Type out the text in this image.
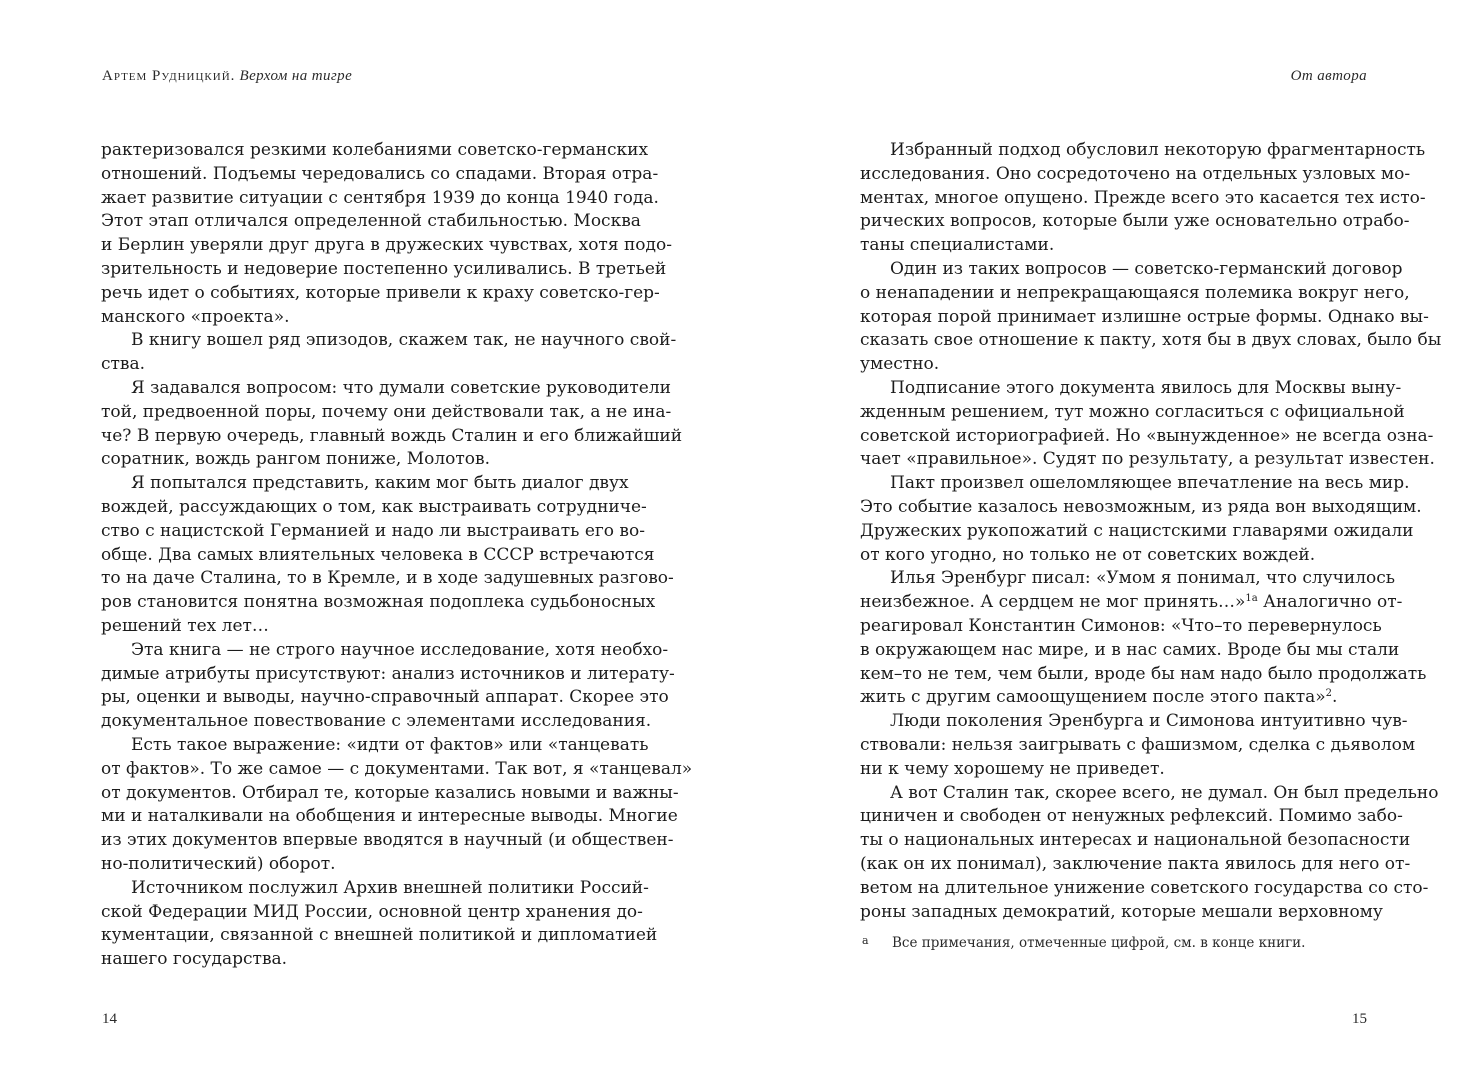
Артем Рудницкий. Верхом на тигре	От автора
рактеризовался резкими колебаниями советско-германских
отношений. Подъемы чередовались со спадами. Вторая отра-
жает развитие ситуации с сентября 1939 до конца 1940 года.
Этот этап отличался определенной стабильностью. Москва
и Берлин уверяли друг друга в дружеских чувствах, хотя подо-
зрительность и недоверие постепенно усиливались. В третьей
речь идет о событиях, которые привели к краху советско-гер-
манского «проекта».
В книгу вошел ряд эпизодов, скажем так, не научного свой-
ства.
Я задавался вопросом: что думали советские руководители
той, предвоенной поры, почему они действовали так, а не ина-
че? В первую очередь, главный вождь Сталин и его ближайший
соратник, вождь рангом пониже, Молотов.
Я попытался представить, каким мог быть диалог двух
вождей, рассуждающих о том, как выстраивать сотрудниче-
ство с нацистской Германией и надо ли выстраивать его во-
обще. Два самых влиятельных человека в СССР встречаются
то на даче Сталина, то в Кремле, и в ходе задушевных разгово-
ров становится понятна возможная подоплека судьбоносных
решений тех лет…
Эта книга — не строго научное исследование, хотя необхо-
димые атрибуты присутствуют: анализ источников и литерату-
ры, оценки и выводы, научно-справочный аппарат. Скорее это
документальное повествование с элементами исследования.
Есть такое выражение: «идти от фактов» или «танцевать
от фактов». То же самое — с документами. Так вот, я «танцевал»
от документов. Отбирал те, которые казались новыми и важны-
ми и наталкивали на обобщения и интересные выводы. Многие
из этих документов впервые вводятся в научный (и обществен-
но-политический) оборот.
Источником послужил Архив внешней политики Россий-
ской Федерации МИД России, основной центр хранения до-
кументации, связанной с внешней политикой и дипломатией
нашего государства.
Избранный подход обусловил некоторую фрагментарность
исследования. Оно сосредоточено на отдельных узловых мо-
ментах, многое опущено. Прежде всего это касается тех исто-
рических вопросов, которые были уже основательно отрабо-
таны специалистами.
Один из таких вопросов — советско-германский договор
о ненападении и непрекращающаяся полемика вокруг него,
которая порой принимает излишне острые формы. Однако вы-
сказать свое отношение к пакту, хотя бы в двух словах, было бы
уместно.
Подписание этого документа явилось для Москвы выну-
жденным решением, тут можно согласиться с официальной
советской историографией. Но «вынужденное» не всегда озна-
чает «правильное». Судят по результату, а результат известен.
Пакт произвел ошеломляющее впечатление на весь мир.
Это событие казалось невозможным, из ряда вон выходящим.
Дружеских рукопожатий с нацистскими главарями ожидали
от кого угодно, но только не от советских вождей.
Илья Эренбург писал: «Умом я понимал, что случилось
неизбежное. А сердцем не мог принять…»$^{1а}$ Аналогично от-
реагировал Константин Симонов: «Что–то перевернулось
в окружающем нас мире, и в нас самих. Вроде бы мы стали
кем–то не тем, чем были, вроде бы нам надо было продолжать
жить с другим самоощущением после этого пакта»$^2$.
Люди поколения Эренбурга и Симонова интуитивно чув-
ствовали: нельзя заигрывать с фашизмом, сделка с дьяволом
ни к чему хорошему не приведет.
А вот Сталин так, скорее всего, не думал. Он был предельно
циничен и свободен от ненужных рефлексий. Помимо забо-
ты о национальных интересах и национальной безопасности
(как он их понимал), заключение пакта явилось для него от-
ветом на длительное унижение советского государства со сто-
роны западных демократий, которые мешали верховному
а Все примечания, отмеченные цифрой, см. в конце книги.
14	15
